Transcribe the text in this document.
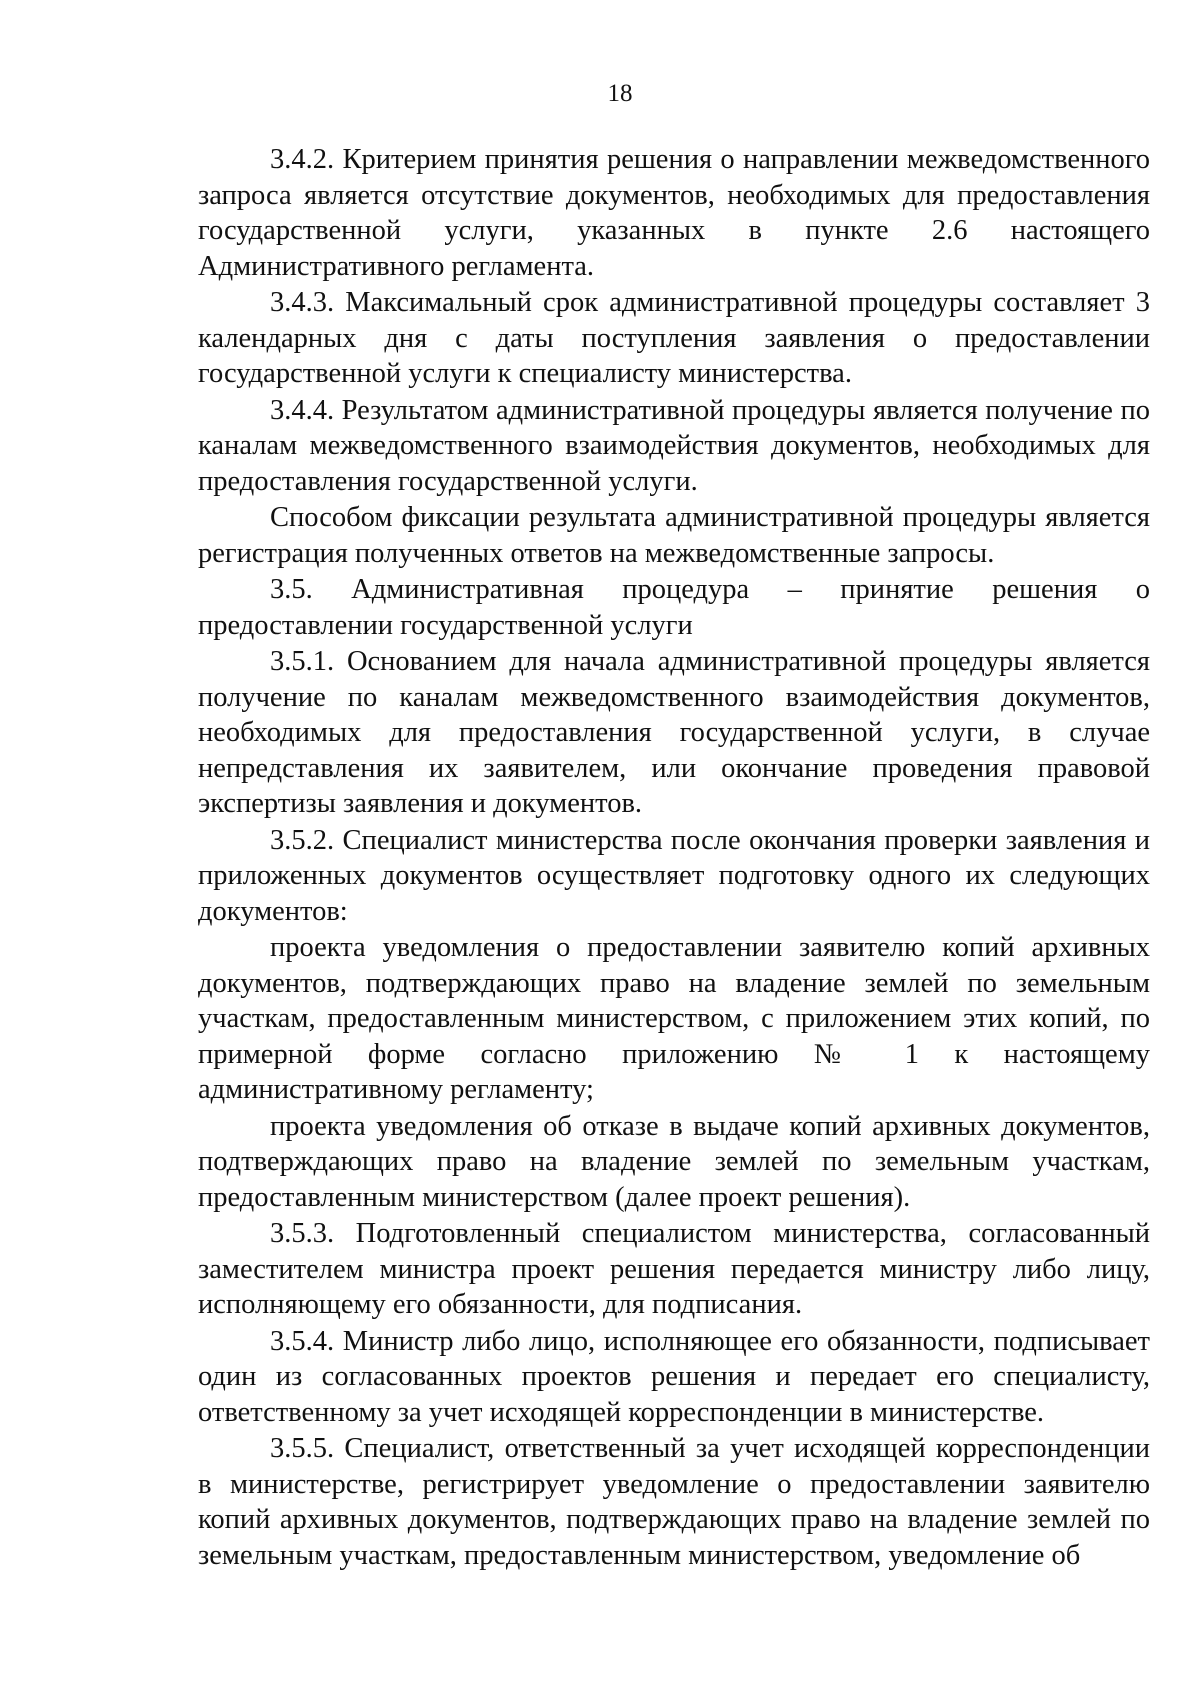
18

3.4.2. Критерием принятия решения о направлении межведомственного запроса является отсутствие документов, необходимых для предоставления государственной услуги, указанных в пункте 2.6 настоящего Административного регламента.

3.4.3. Максимальный срок административной процедуры составляет 3 календарных дня с даты поступления заявления о предоставлении государственной услуги к специалисту министерства.

3.4.4. Результатом административной процедуры является получение по каналам межведомственного взаимодействия документов, необходимых для предоставления государственной услуги.

Способом фиксации результата административной процедуры является регистрация полученных ответов на межведомственные запросы.

3.5. Административная процедура – принятие решения о предоставлении государственной услуги

3.5.1. Основанием для начала административной процедуры является получение по каналам межведомственного взаимодействия документов, необходимых для предоставления государственной услуги, в случае непредставления их заявителем, или окончание проведения правовой экспертизы заявления и документов.

3.5.2. Специалист министерства после окончания проверки заявления и приложенных документов осуществляет подготовку одного их следующих документов:

проекта уведомления о предоставлении заявителю копий архивных документов, подтверждающих право на владение землей по земельным участкам, предоставленным министерством, с приложением этих копий, по примерной форме согласно приложению № 1 к настоящему административному регламенту;

проекта уведомления об отказе в выдаче копий архивных документов, подтверждающих право на владение землей по земельным участкам, предоставленным министерством (далее проект решения).

3.5.3. Подготовленный специалистом министерства, согласованный заместителем министра проект решения передается министру либо лицу, исполняющему его обязанности, для подписания.

3.5.4. Министр либо лицо, исполняющее его обязанности, подписывает один из согласованных проектов решения и передает его специалисту, ответственному за учет исходящей корреспонденции в министерстве.

3.5.5. Специалист, ответственный за учет исходящей корреспонденции в министерстве, регистрирует уведомление о предоставлении заявителю копий архивных документов, подтверждающих право на владение землей по земельным участкам, предоставленным министерством, уведомление об
